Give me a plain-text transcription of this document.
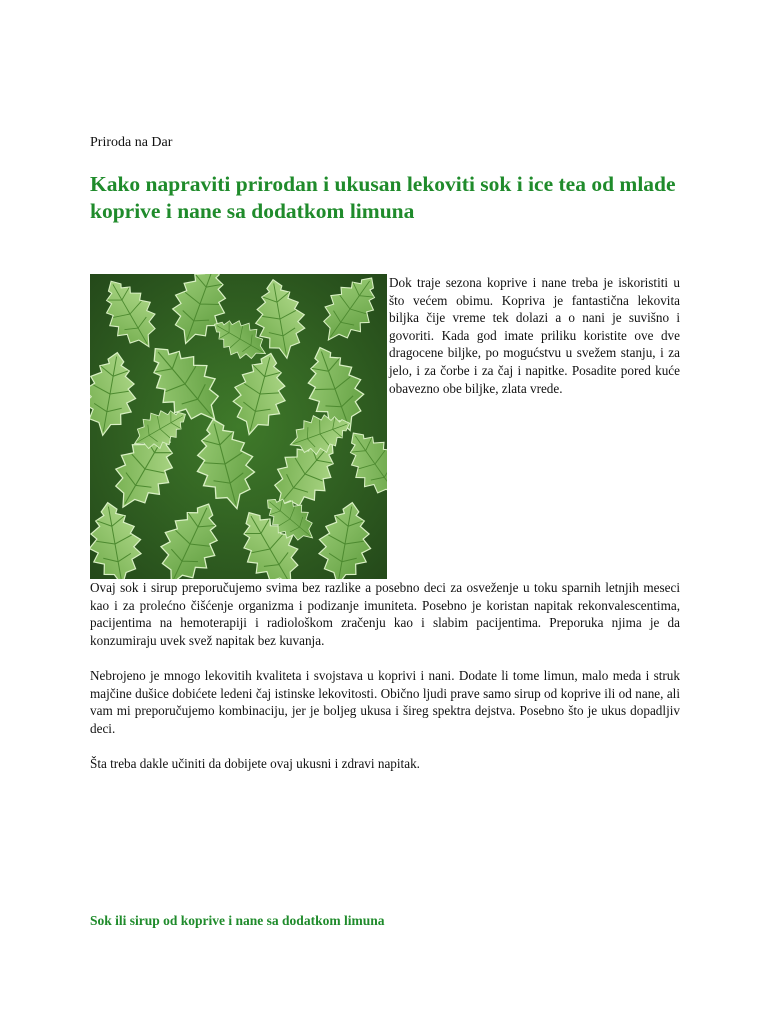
Priroda na Dar
Kako napraviti prirodan i ukusan lekoviti sok i ice tea od mlade koprive i nane sa dodatkom limuna

Dok traje sezona koprive i nane treba je iskoristiti u što većem obimu. Kopriva je fantastična lekovita biljka čije vreme tek dolazi a o nani je suvišno i govoriti. Kada god imate priliku koristite ove dve dragocene biljke, po mogućstvu u svežem stanju, i za jelo, i za čorbe i za čaj i napitke. Posadite pored kuće obavezno obe biljke, zlata vrede.

Ovaj sok i sirup preporučujemo svima bez razlike a posebno deci za osveženje u toku sparnih letnjih meseci kao i za prolećno čišćenje organizma i podizanje imuniteta. Posebno je koristan napitak rekonvalescentima, pacijentima na hemoterapiji i radiološkom zračenju kao i slabim pacijentima. Preporuka njima je da konzumiraju uvek svež napitak bez kuvanja.

Nebrojeno je mnogo lekovitih kvaliteta i svojstava u koprivi i nani. Dodate li tome limun, malo meda i struk majčine dušice dobićete ledeni čaj istinske lekovitosti. Obično ljudi prave samo sirup od koprive ili od nane, ali vam mi preporučujemo kombinaciju, jer je boljeg ukusa i šireg spektra dejstva. Posebno što je ukus dopadljiv deci.

Šta treba dakle učiniti da dobijete ovaj ukusni i zdravi napitak.

Sok ili sirup od koprive i nane sa dodatkom limuna
